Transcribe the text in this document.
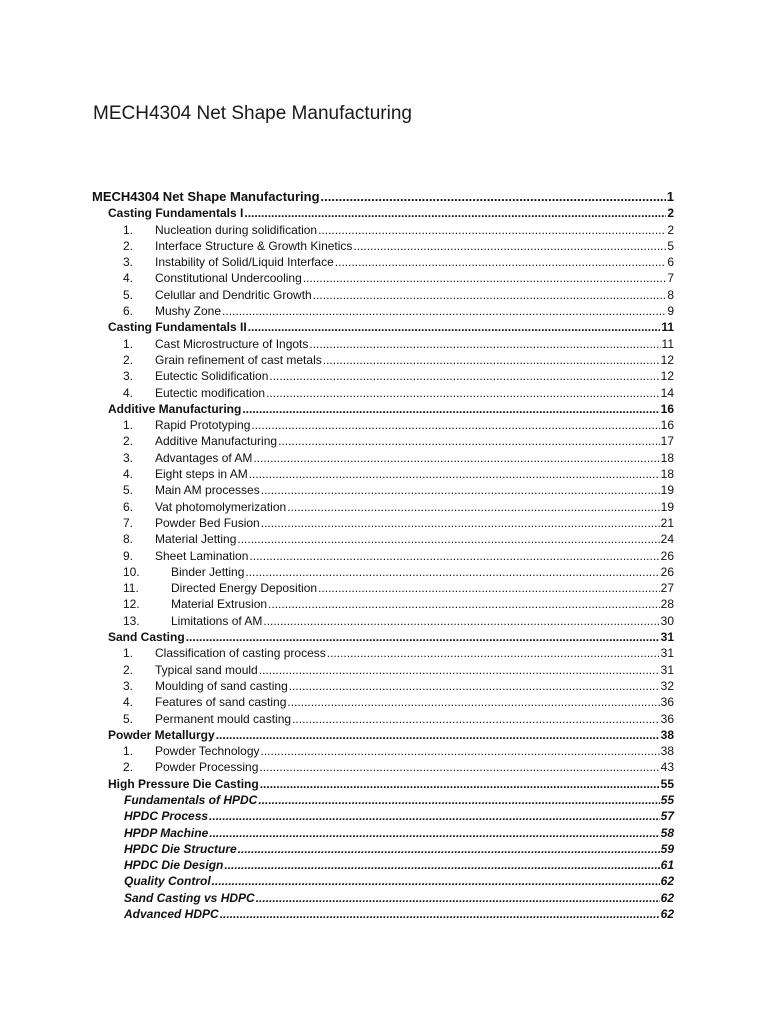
MECH4304 Net Shape Manufacturing
MECH4304 Net Shape Manufacturing .....	1
Casting Fundamentals I .....	2
1.	Nucleation during solidification .....	2
2.	Interface Structure & Growth Kinetics .....	5
3.	Instability of Solid/Liquid Interface .....	6
4.	Constitutional Undercooling .....	7
5.	Celullar and Dendritic Growth .....	8
6.	Mushy Zone .....	9
Casting Fundamentals II .....	11
1.	Cast Microstructure of Ingots .....	11
2.	Grain refinement of cast metals .....	12
3.	Eutectic Solidification .....	12
4.	Eutectic modification .....	14
Additive Manufacturing .....	16
1.	Rapid Prototyping .....	16
2.	Additive Manufacturing .....	17
3.	Advantages of AM .....	18
4.	Eight steps in AM .....	18
5.	Main AM processes .....	19
6.	Vat photomolymerization .....	19
7.	Powder Bed Fusion .....	21
8.	Material Jetting .....	24
9.	Sheet Lamination .....	26
10.	Binder Jetting .....	26
11.	Directed Energy Deposition .....	27
12.	Material Extrusion .....	28
13.	Limitations of AM .....	30
Sand Casting .....	31
1.	Classification of casting process .....	31
2.	Typical sand mould .....	31
3.	Moulding of sand casting .....	32
4.	Features of sand casting .....	36
5.	Permanent mould casting .....	36
Powder Metallurgy .....	38
1.	Powder Technology .....	38
2.	Powder Processing .....	43
High Pressure Die Casting .....	55
Fundamentals of HPDC .....	55
HPDC Process .....	57
HPDP Machine .....	58
HPDC Die Structure .....	59
HPDC Die Design .....	61
Quality Control .....	62
Sand Casting vs HDPC .....	62
Advanced HDPC .....	62
